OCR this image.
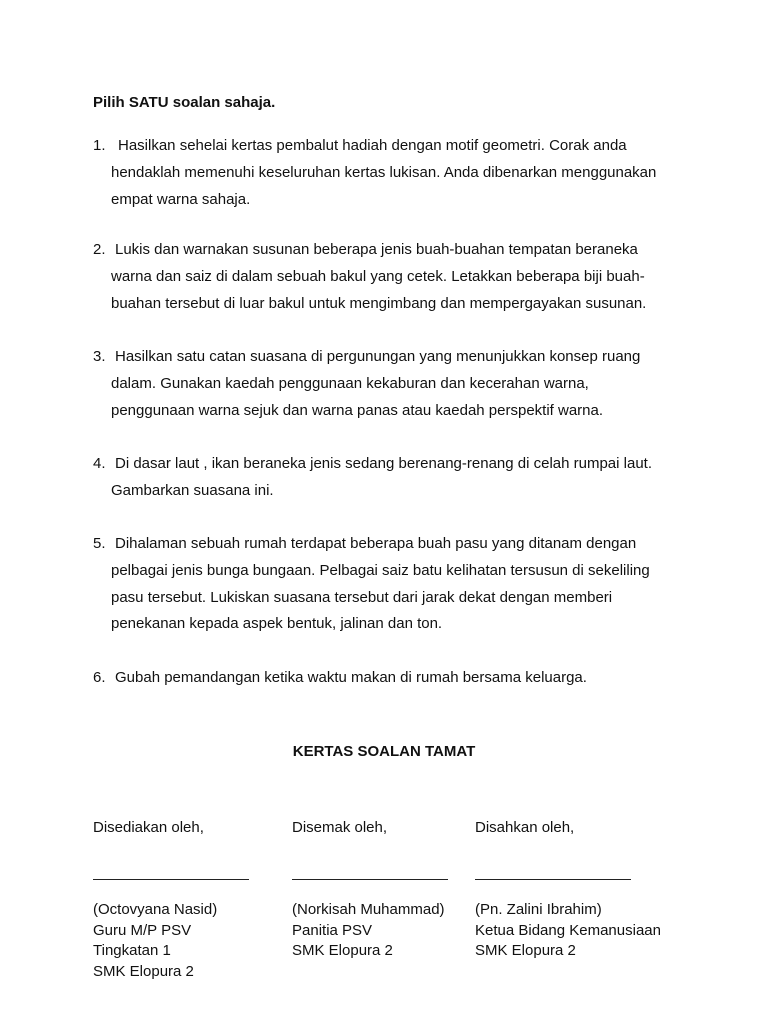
Pilih SATU soalan sahaja.
1. Hasilkan sehelai kertas pembalut hadiah dengan motif geometri. Corak anda
hendaklah memenuhi keseluruhan kertas lukisan. Anda dibenarkan menggunakan
empat warna sahaja.
2. Lukis dan warnakan susunan beberapa jenis buah-buahan tempatan beraneka
warna dan saiz di dalam sebuah bakul yang cetek. Letakkan beberapa biji buah-
buahan tersebut di luar bakul untuk mengimbang dan mempergayakan susunan.
3. Hasilkan satu catan suasana di pergunungan yang menunjukkan konsep ruang
dalam. Gunakan kaedah penggunaan kekaburan dan kecerahan warna,
penggunaan warna sejuk dan warna panas atau kaedah perspektif warna.
4. Di dasar laut , ikan beraneka jenis sedang berenang-renang di celah rumpai laut.
Gambarkan suasana ini.
5. Dihalaman sebuah rumah terdapat beberapa buah pasu yang ditanam dengan
pelbagai jenis bunga bungaan. Pelbagai saiz batu kelihatan tersusun di sekeliling
pasu tersebut. Lukiskan suasana tersebut dari jarak dekat dengan memberi
penekanan kepada aspek bentuk, jalinan dan ton.
6. Gubah pemandangan ketika waktu makan di rumah bersama keluarga.
KERTAS SOALAN TAMAT
Disediakan oleh,
(Octovyana Nasid)
Guru M/P PSV
Tingkatan 1
SMK Elopura 2
Disemak oleh,
(Norkisah Muhammad)
Panitia PSV
SMK Elopura 2
Disahkan oleh,
(Pn. Zalini Ibrahim)
Ketua Bidang Kemanusiaan
SMK Elopura 2
